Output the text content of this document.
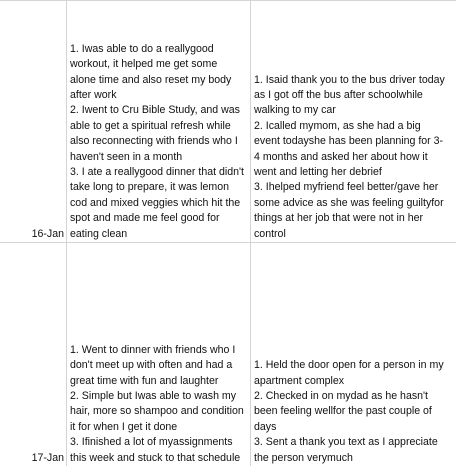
16-Jan
1. Iwas able to do a reallygood
workout, it helped me get some
alone time and also reset my body
after work
2. Iwent to Cru Bible Study, and was
able to get a spiritual refresh while
also reconnecting with friends who I
haven't seen in a month
3. I ate a reallygood dinner that didn't
take long to prepare, it was lemon
cod and mixed veggies which hit the
spot and made me feel good for
eating clean
1. Isaid thank you to the bus driver today
as I got off the bus after schoolwhile
walking to my car
2. Icalled mymom, as she had a big
event todayshe has been planning for 3-
4 months and asked her about how it
went and letting her debrief
3. Ihelped myfriend feel better/gave her
some advice as she was feeling guiltyfor
things at her job that were not in her
control
17-Jan
1. Went to dinner with friends who I
don't meet up with often and had a
great time with fun and laughter
2. Simple but Iwas able to wash my
hair, more so shampoo and condition
it for when I get it done
3. Ifinished a lot of myassignments
this week and stuck to that schedule
1. Held the door open for a person in my
apartment complex
2. Checked in on mydad as he hasn't
been feeling wellfor the past couple of
days
3. Sent a thank you text as I appreciate
the person verymuch
